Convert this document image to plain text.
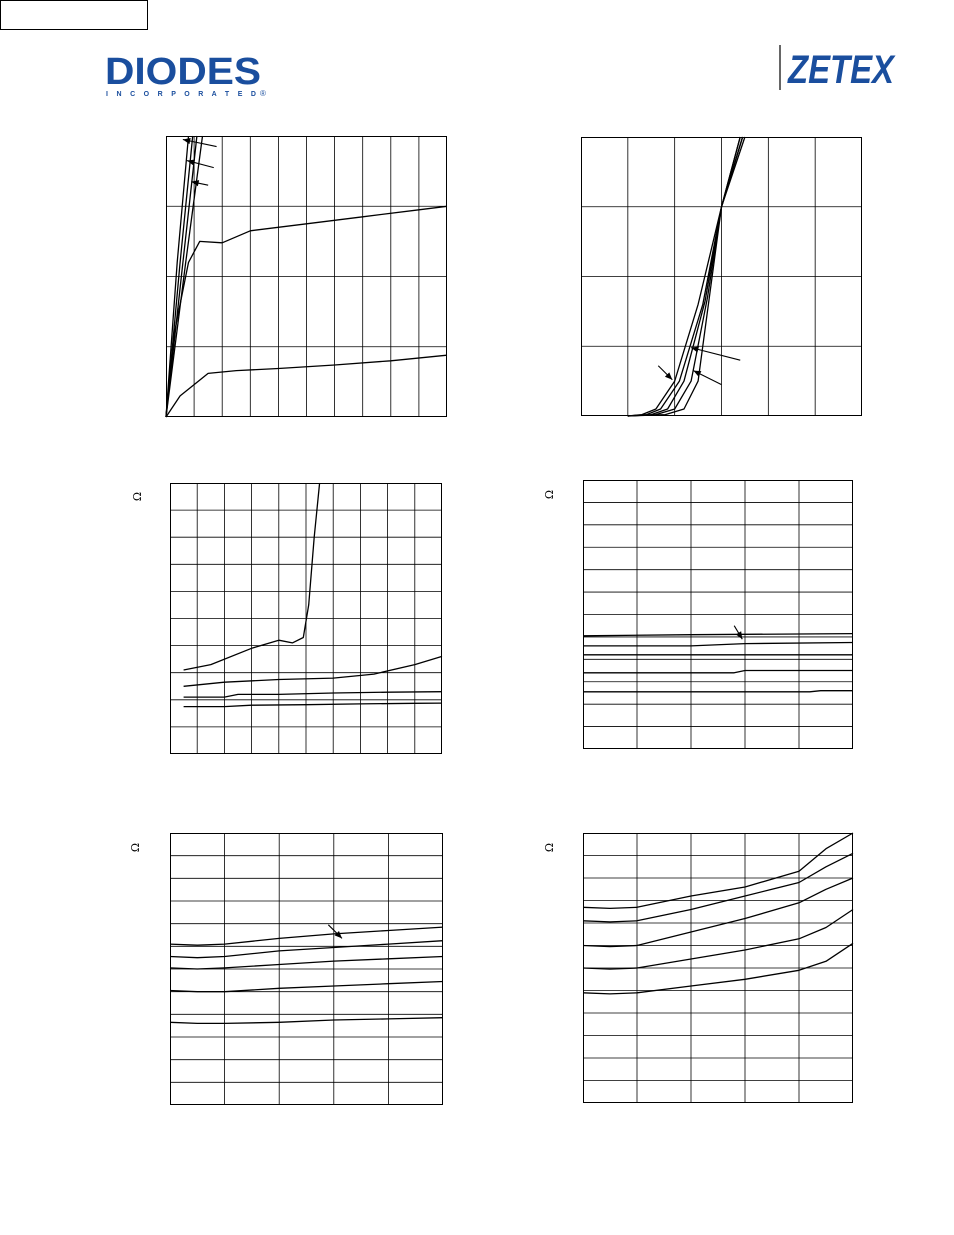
DIODES
I N C O R P O R A T E D ®
ZETEX
Ω	Ω
Ω	Ω
